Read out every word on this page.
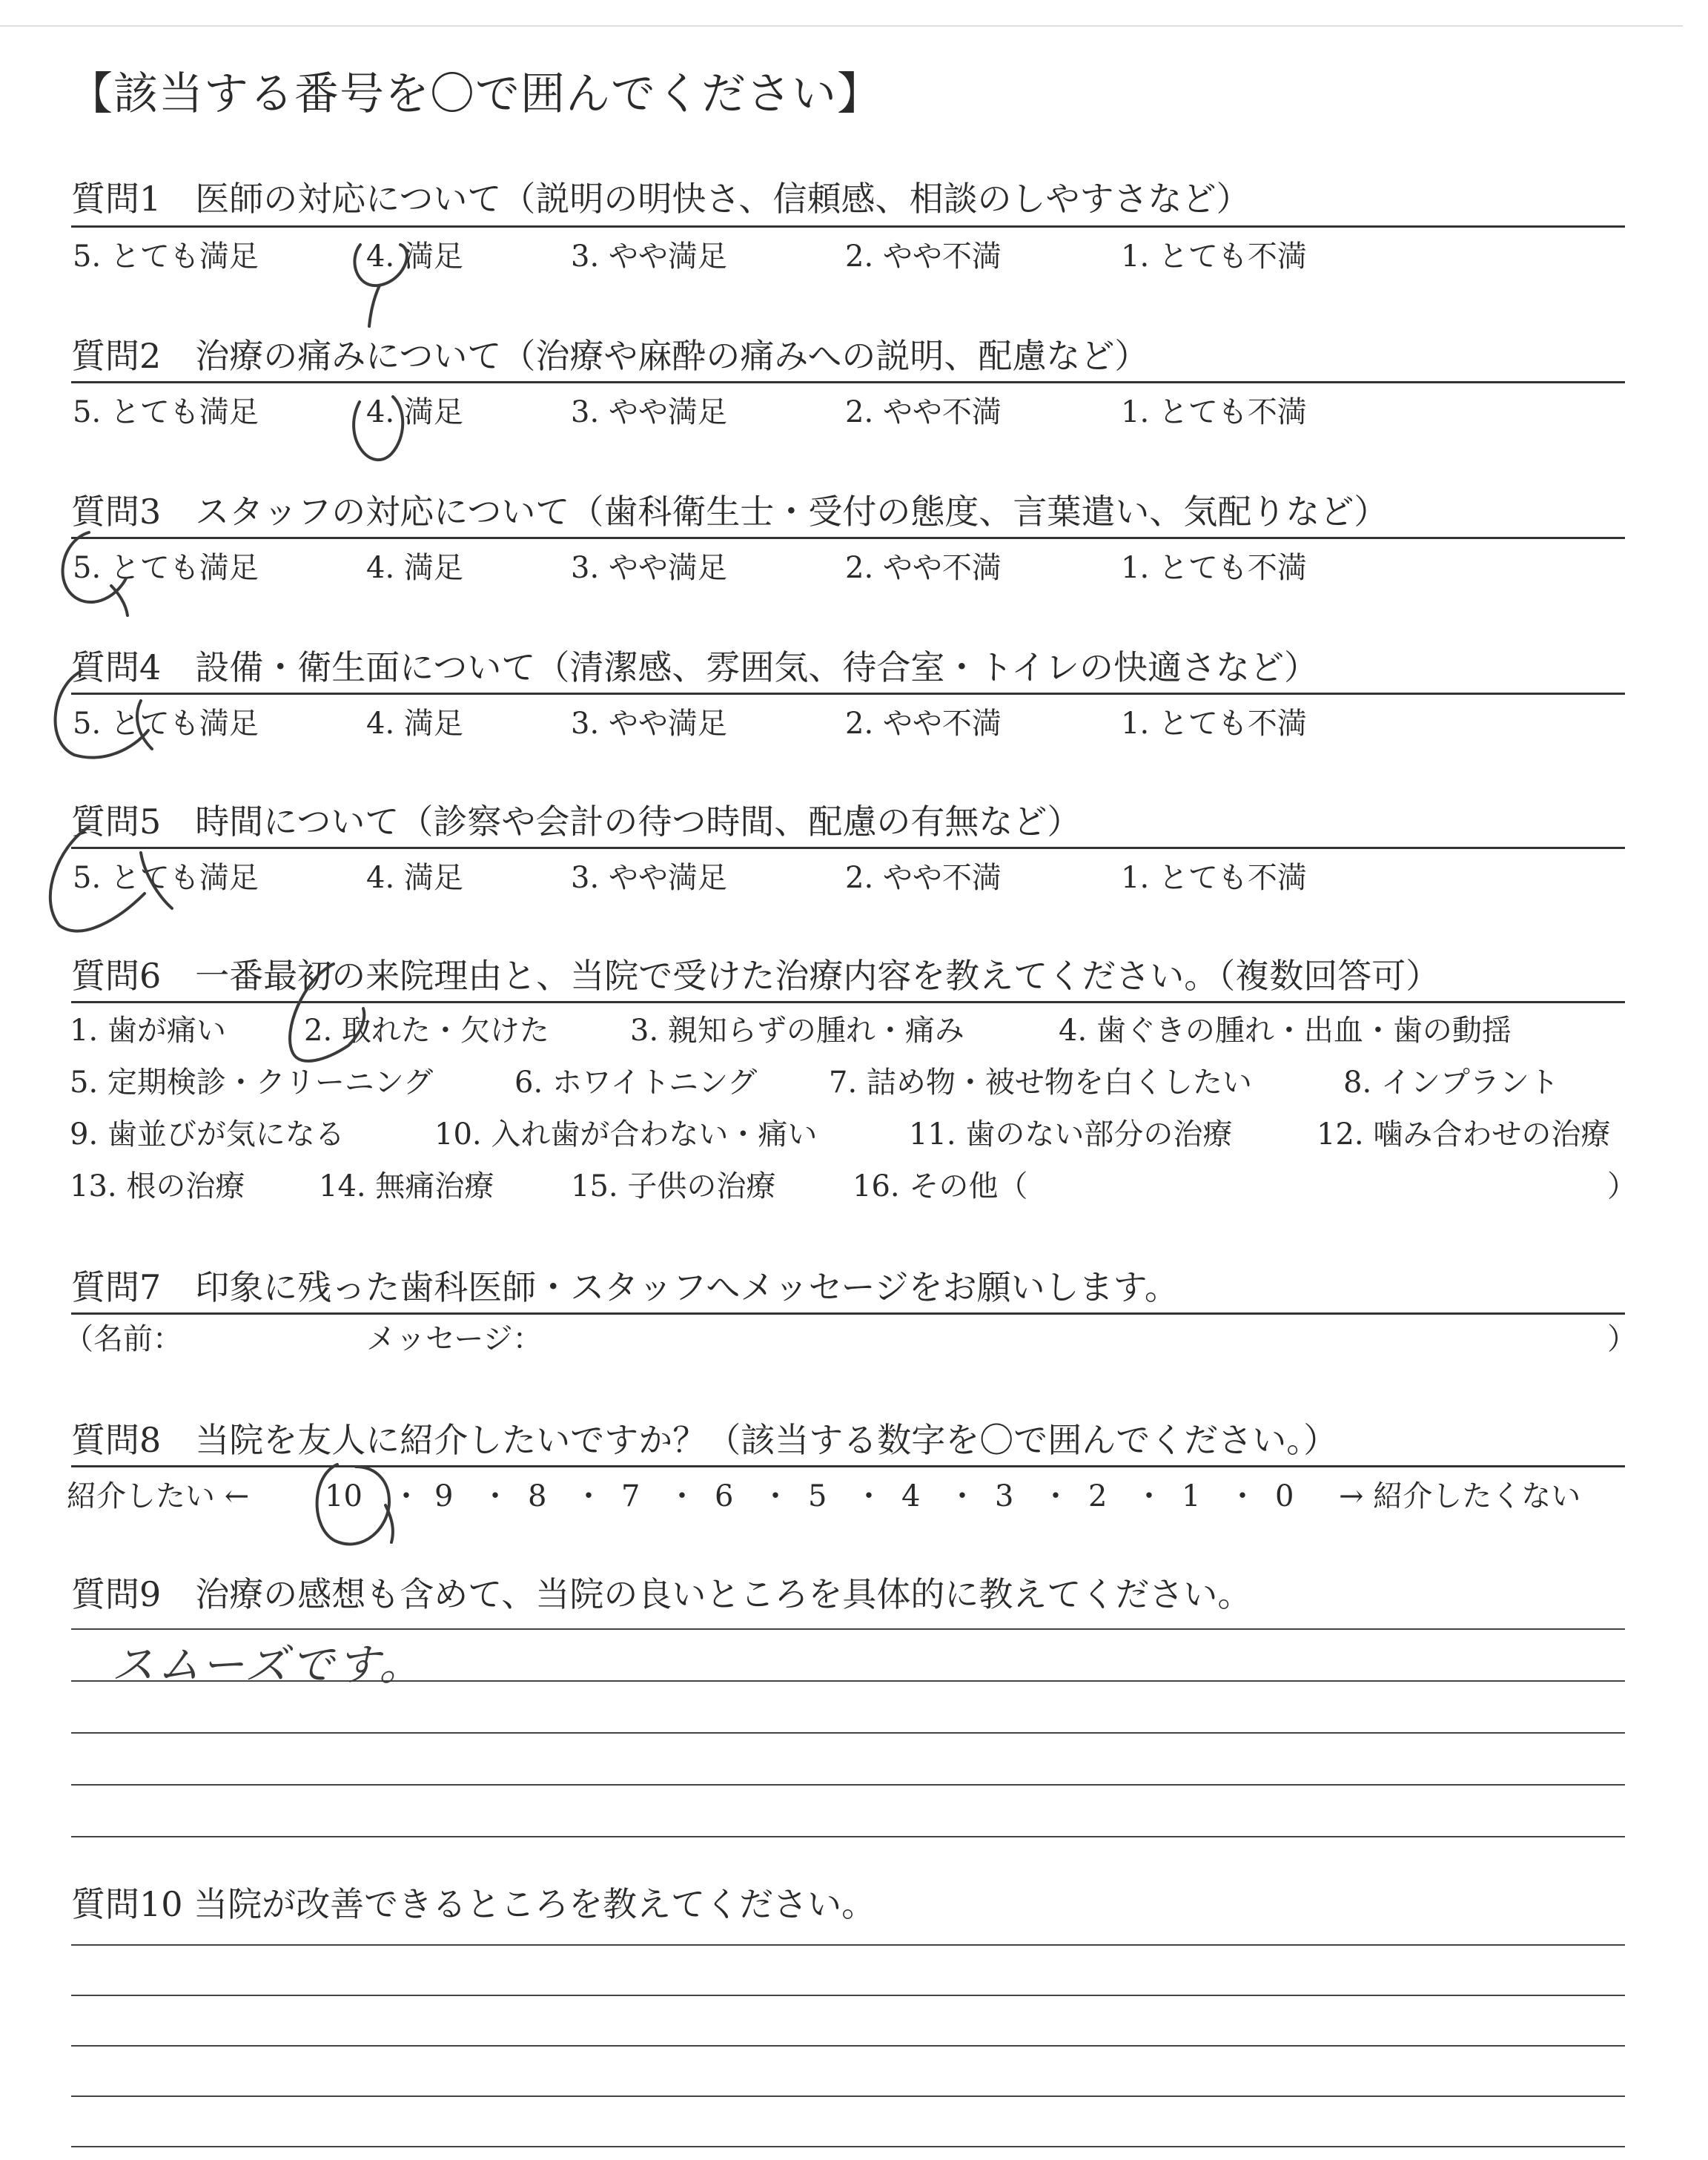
【該当する番号を〇で囲んでください】
質問1　医師の対応について（説明の明快さ、信頼感、相談のしやすさなど）
5. とても満足	4. 満足	3. やや満足	2. やや不満	1. とても不満
質問2　治療の痛みについて（治療や麻酔の痛みへの説明、配慮など）
5. とても満足	4. 満足	3. やや満足	2. やや不満	1. とても不満
質問3　スタッフの対応について（歯科衛生士・受付の態度、言葉遣い、気配りなど）
5. とても満足	4. 満足	3. やや満足	2. やや不満	1. とても不満
質問4　設備・衛生面について（清潔感、雰囲気、待合室・トイレの快適さなど）
5. とても満足	4. 満足	3. やや満足	2. やや不満	1. とても不満
質問5　時間について（診察や会計の待つ時間、配慮の有無など）
5. とても満足	4. 満足	3. やや満足	2. やや不満	1. とても不満
質問6　一番最初の来院理由と、当院で受けた治療内容を教えてください。（複数回答可）
1. 歯が痛い	2. 取れた・欠けた	3. 親知らずの腫れ・痛み	4. 歯ぐきの腫れ・出血・歯の動揺
5. 定期検診・クリーニング	6. ホワイトニング 7. 詰め物・被せ物を白くしたい	8. インプラント
9. 歯並びが気になる	10. 入れ歯が合わない・痛い	11. 歯のない部分の治療	12. 噛み合わせの治療
13. 根の治療 14. 無痛治療	15. 子供の治療	16. その他（	）
質問7　印象に残った歯科医師・スタッフへメッセージをお願いします。
（名前：	メッセージ：	）
質問8　当院を友人に紹介したいですか？（該当する数字を〇で囲んでください。）
紹介したい ←	10 ・ 9 ・ 8 ・ 7 ・ 6 ・ 5 ・ 4 ・ 3 ・ 2 ・ 1 ・ 0 → 紹介したくない
質問9　治療の感想も含めて、当院の良いところを具体的に教えてください。
スムーズです。
質問10 当院が改善できるところを教えてください。
